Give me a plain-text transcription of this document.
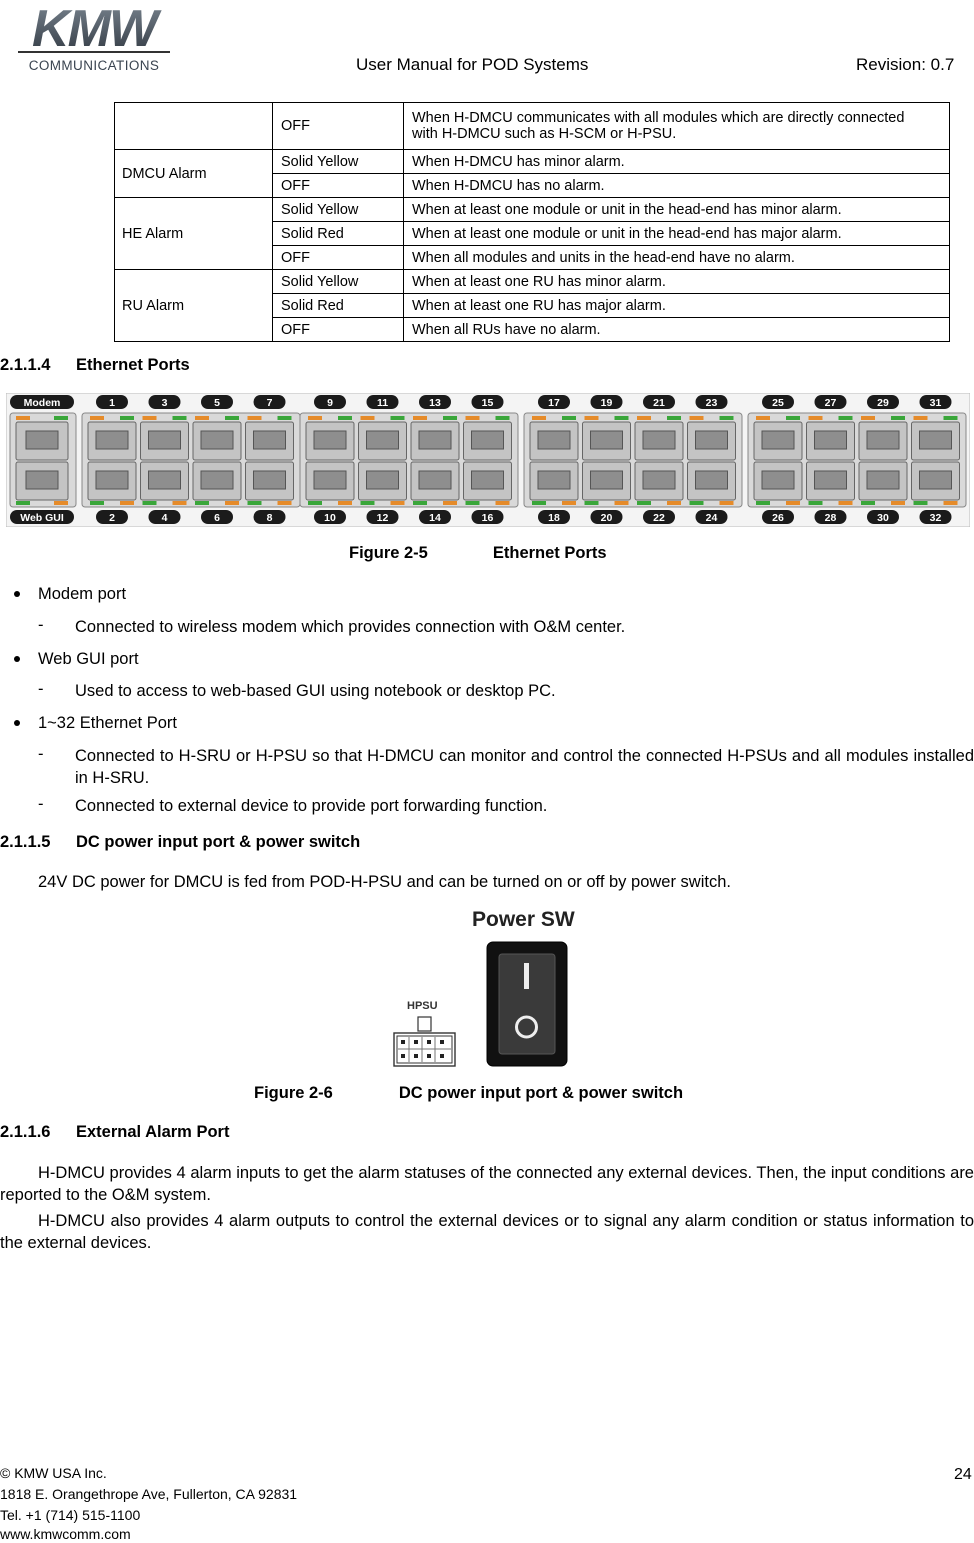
KMW
COMMUNICATIONS	User Manual for POD Systems	Revision: 0.7
	OFF	When H-DMCU communicates with all modules which are directly connected with H-DMCU such as H-SCM or H-PSU.
DMCU Alarm	Solid Yellow	When H-DMCU has minor alarm.
	OFF	When H-DMCU has no alarm.
HE Alarm	Solid Yellow	When at least one module or unit in the head-end has minor alarm.
	Solid Red	When at least one module or unit in the head-end has major alarm.
	OFF	When all modules and units in the head-end have no alarm.
RU Alarm	Solid Yellow	When at least one RU has minor alarm.
	Solid Red	When at least one RU has major alarm.
	OFF	When all RUs have no alarm.
2.1.1.4 Ethernet Ports
1
2
3
4
5
6
7
8
9
10
11
12
13
14
15
16
17
18
19
20
21
22
23
24
25
26
27
28
29
30
31
32
Modem
Web GUI
Figure 2-5	Ethernet Ports
Modem port
- Connected to wireless modem which provides connection with O&M center.
Web GUI port
- Used to access to web-based GUI using notebook or desktop PC.
1~32 Ethernet Port
- Connected to H-SRU or H-PSU so that H-DMCU can monitor and control the connected H-PSUs and all modules installed in H-SRU.
- Connected to external device to provide port forwarding function.
2.1.1.5 DC power input port & power switch
24V DC power for DMCU is fed from POD-H-PSU and can be turned on or off by power switch.
Power SW
HPSU
Figure 2-6	DC power input port & power switch
2.1.1.6 External Alarm Port
H-DMCU provides 4 alarm inputs to get the alarm statuses of the connected any external devices. Then, the input conditions are reported to the O&M system.
H-DMCU also provides 4 alarm outputs to control the external devices or to signal any alarm condition or status information to the external devices.
© KMW USA Inc.
1818 E. Orangethrope Ave, Fullerton, CA 92831
Tel. +1 (714) 515-1100
www.kmwcomm.com
24
